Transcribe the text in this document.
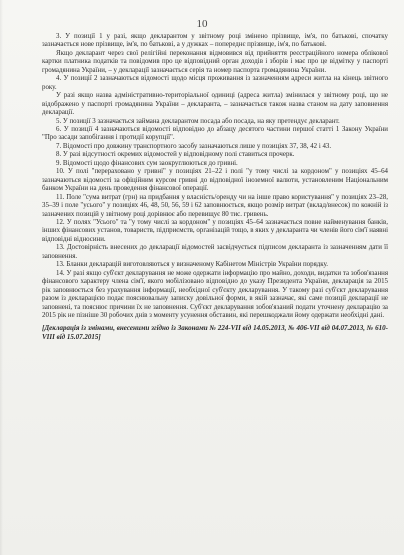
10

3. У позиції 1 у разі, якщо декларантом у звітному році змінено прізвище, ім'я, по батькові, спочатку зазначається нове прізвище, ім'я, по батькові, а у дужках – попереднє прізвище, ім'я, по батькові.

Якщо декларант через свої релігійні переконання відмовився від прийняття реєстраційного номера облікової картки платника податків та повідомив про це відповідний орган доходів і зборів і має про це відмітку у паспорті громадянина України, – у декларації зазначається серія та номер паспорта громадянина України.

4. У позиції 2 зазначаються відомості щодо місця проживання із зазначенням адреси житла на кінець звітного року.

У разі якщо назва адміністративно-територіальної одиниці (адреса житла) змінилася у звітному році, що не відображено у паспорті громадянина України – декларанта, – зазначається також назва станом на дату заповнення декларації.

5. У позиції 3 зазначається займана декларантом посада або посада, на яку претендує декларант.

6. У позиції 4 зазначаються відомості відповідно до абзацу десятого частини першої статті 1 Закону України "Про засади запобігання і протидії корупції".

7. Відомості про довжину транспортного засобу зазначаються лише у позиціях 37, 38, 42 і 43.

8. У разі відсутності окремих відомостей у відповідному полі ставиться прочерк.

9. Відомості щодо фінансових сум заокруглюються до гривні.

10. У полі "перераховано у гривні" у позиціях 21–22 і полі "у тому числі за кордоном" у позиціях 45–64 зазначаються відомості за офіційним курсом гривні до відповідної іноземної валюти, установленим Національним банком України на день проведення фінансової операції.

11. Поле "сума витрат (грн) на придбання у власність/оренду чи на інше право користування" у позиціях 23–28, 35–39 і поле "усього" у позиціях 46, 48, 50, 56, 59 і 62 заповнюється, якщо розмір витрат (вклад/внесок) по кожній із зазначених позицій у звітному році дорівнює або перевищує 80 тис. гривень.

12. У полях "Усього" та "у тому числі за кордоном" у позиціях 45–64 зазначається повне найменування банків, інших фінансових установ, товариств, підприємств, організацій тощо, в яких у декларанта чи членів його сім'ї наявні відповідні відносини.

13. Достовірність внесених до декларації відомостей засвідчується підписом декларанта із зазначенням дати її заповнення.

13. Бланки декларацій виготовляються у визначеному Кабінетом Міністрів України порядку.

14. У разі якщо суб'єкт декларування не може одержати інформацію про майно, доходи, видатки та зобов'язання фінансового характеру члена сім'ї, якого мобілізовано відповідно до указу Президента України, декларація за 2015 рік заповнюється без урахування інформації, необхідної суб'єкту декларування. У такому разі суб'єкт декларування разом із декларацією подає пояснювальну записку довільної форми, в якій зазначає, які саме позиції декларації не заповнені, та пояснює причини їх не заповнення. Суб'єкт декларування зобов'язаний подати уточнену декларацію за 2015 рік не пізніше 30 робочих днів з моменту усунення обставин, які перешкоджали йому одержати необхідні дані.

[Декларація із змінами, внесеними згідно із Законами № 224-VII від 14.05.2013, № 406-VII від 04.07.2013, № 610-VIII від 15.07.2015]
